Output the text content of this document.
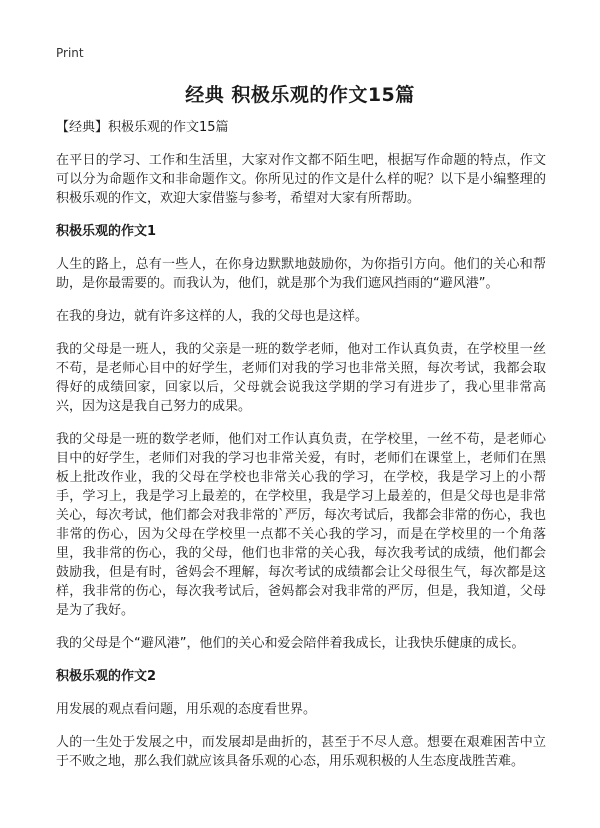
Print
经典 积极乐观的作文15篇

【经典】积极乐观的作文15篇

在平日的学习、工作和生活里，大家对作文都不陌生吧，根据写作命题的特点，作文可以分为命题作文和非命题作文。你所见过的作文是什么样的呢？以下是小编整理的积极乐观的作文，欢迎大家借鉴与参考，希望对大家有所帮助。

积极乐观的作文1

人生的路上，总有一些人，在你身边默默地鼓励你，为你指引方向。他们的关心和帮助，是你最需要的。而我认为，他们，就是那个为我们遮风挡雨的“避风港”。

在我的身边，就有许多这样的人，我的父母也是这样。

我的父母是一班人，我的父亲是一班的数学老师，他对工作认真负责，在学校里一丝不苟，是老师心目中的好学生，老师们对我的学习也非常关照，每次考试，我都会取得好的成绩回家，回家以后，父母就会说我这学期的学习有进步了，我心里非常高兴，因为这是我自己努力的成果。

我的父母是一班的数学老师，他们对工作认真负责，在学校里，一丝不苟，是老师心目中的好学生，老师们对我的学习也非常关爱，有时，老师们在课堂上，老师们在黑板上批改作业，我的父母在学校也非常关心我的学习，在学校，我是学习上的小帮手，学习上，我是学习上最差的，在学校里，我是学习上最差的，但是父母也是非常关心，每次考试，他们都会对我非常的`严厉，每次考试后，我都会非常的伤心，我也非常的伤心，因为父母在学校里一点都不关心我的学习，而是在学校里的一个角落里，我非常的伤心，我的父母，他们也非常的关心我，每次我考试的成绩，他们都会鼓励我，但是有时，爸妈会不理解，每次考试的成绩都会让父母很生气，每次都是这样，我非常的伤心，每次我考试后，爸妈都会对我非常的严厉，但是，我知道，父母是为了我好。

我的父母是个“避风港”，他们的关心和爱会陪伴着我成长，让我快乐健康的成长。

积极乐观的作文2

用发展的观点看问题，用乐观的态度看世界。

人的一生处于发展之中，而发展却是曲折的，甚至于不尽人意。想要在艰难困苦中立于不败之地，那么我们就应该具备乐观的心态，用乐观积极的人生态度战胜苦难。
